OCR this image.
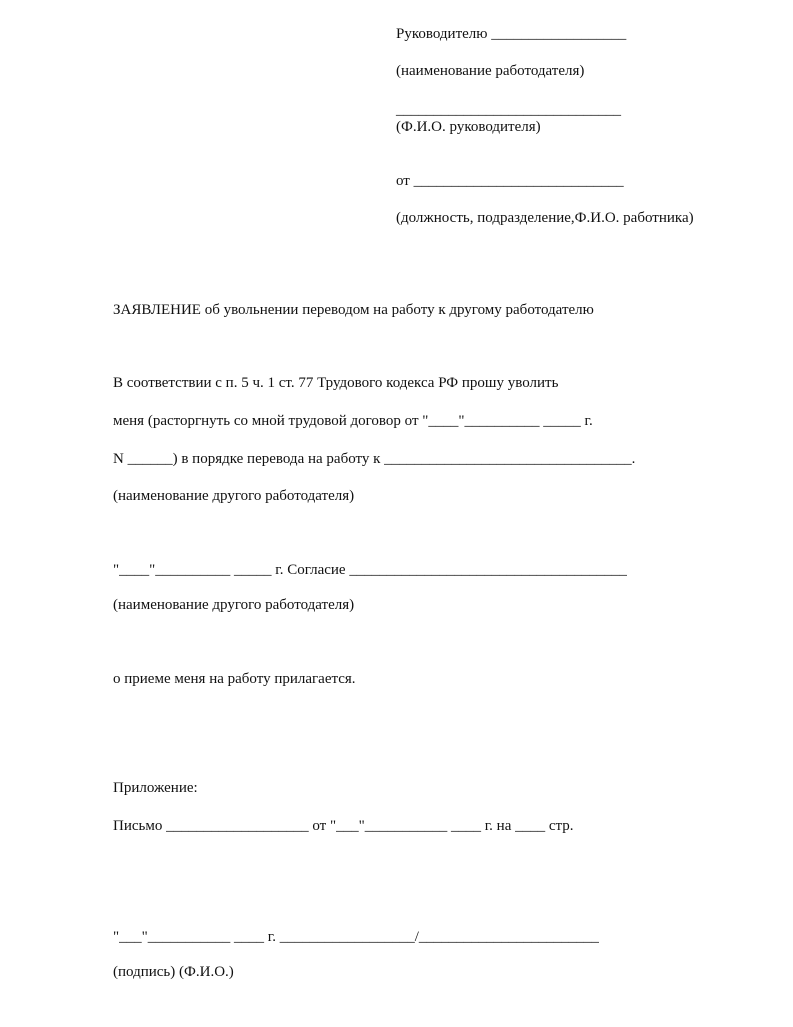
Руководителю __________________

(наименование работодателя)

______________________________

(Ф.И.О. руководителя)

от ____________________________

(должность, подразделение,Ф.И.О. работника)

ЗАЯВЛЕНИЕ об увольнении переводом на работу к другому работодателю

В соответствии с п. 5 ч. 1 ст. 77 Трудового кодекса РФ прошу уволить

меня (расторгнуть со мной трудовой договор от "____"__________ _____ г.

N ______) в порядке перевода на работу к _________________________________.

(наименование другого работодателя)

"____"__________ _____ г. Согласие _____________________________________

(наименование другого работодателя)

о приеме меня на работу прилагается.

Приложение:

Письмо ___________________ от "___"___________ ____ г. на ____ стр.

"___"___________ ____ г. __________________/________________________

(подпись) (Ф.И.О.)
